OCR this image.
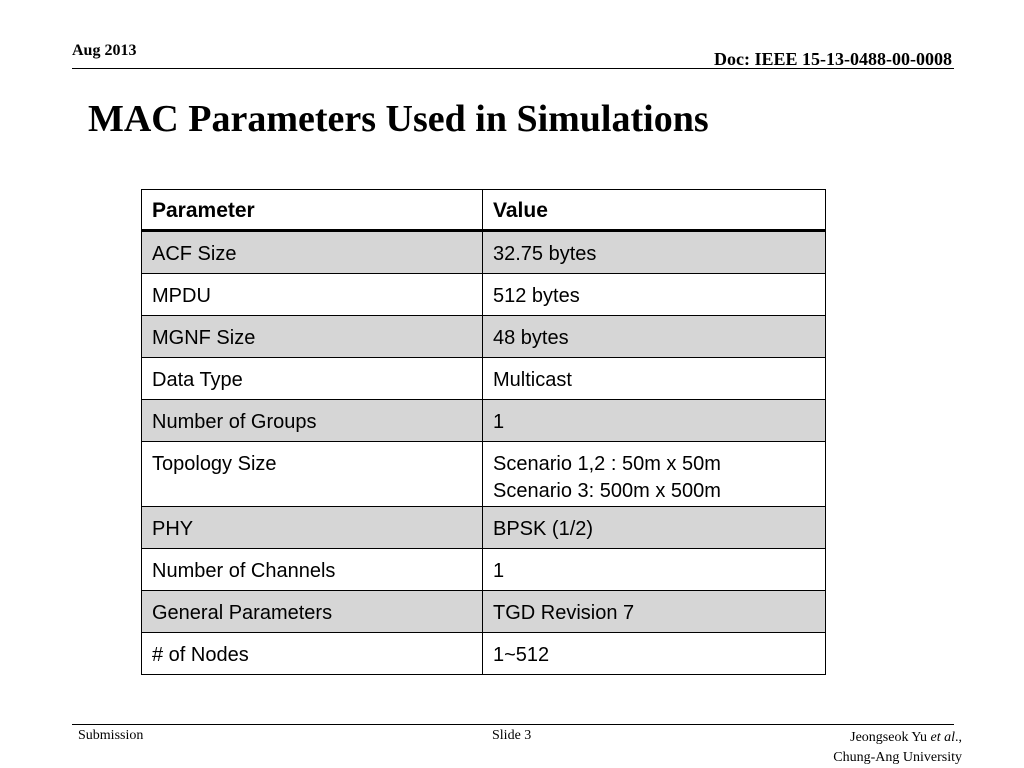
Aug 2013	Doc: IEEE 15-13-0488-00-0008
MAC Parameters Used in Simulations
Parameter	Value
ACF Size	32.75 bytes

MPDU	512 bytes

MGNF Size	48 bytes

Data Type	Multicast

Number of Groups	1

Topology Size	Scenario 1,2 : 50m x 50m
Scenario 3: 500m x 500m

PHY	BPSK (1/2)

Number of Channels	1

General Parameters	TGD Revision 7

# of Nodes	1~512
Submission	Slide 3	Jeongseok Yu et al.,
Chung-Ang University
